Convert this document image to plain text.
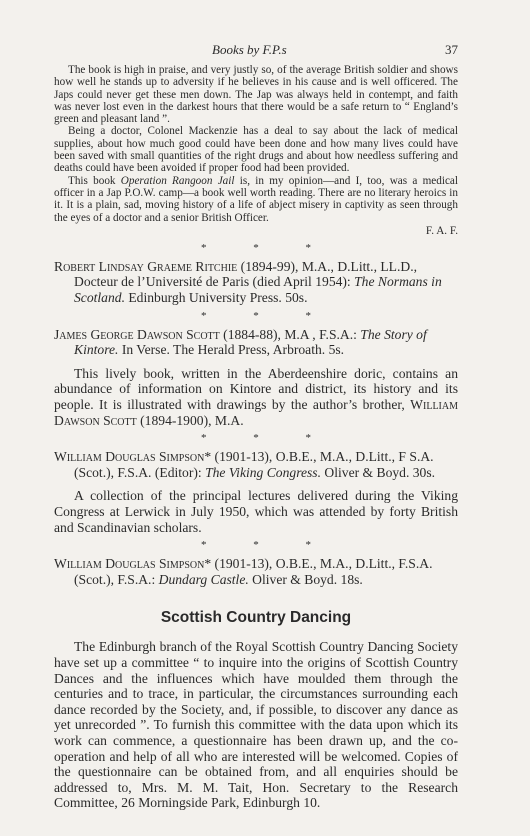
Books by F.P.s	37

The book is high in praise, and very justly so, of the average British soldier and shows how well he stands up to adversity if he believes in his cause and is well officered. The Japs could never get these men down. The Jap was always held in contempt, and faith was never lost even in the darkest hours that there would be a safe return to “ England’s green and pleasant land ”.

Being a doctor, Colonel Mackenzie has a deal to say about the lack of medical supplies, about how much good could have been done and how many lives could have been saved with small quantities of the right drugs and about how needless suffering and deaths could have been avoided if proper food had been provided.

This book Operation Rangoon Jail is, in my opinion—and I, too, was a medical officer in a Jap P.O.W. camp—a book well worth reading. There are no literary heroics in it. It is a plain, sad, moving history of a life of abject misery in captivity as seen through the eyes of a doctor and a senior British Officer.

F. A. F.
* * *

Robert Lindsay Graeme Ritchie (1894-99), M.A., D.Litt., LL.D., Docteur de l’Université de Paris (died April 1954): The Normans in Scotland. Edinburgh University Press. 50s.

* * *

James George Dawson Scott (1884-88), M.A , F.S.A.: The Story of Kintore. In Verse. The Herald Press, Arbroath. 5s.

This lively book, written in the Aberdeenshire doric, contains an abundance of information on Kintore and district, its history and its people. It is illustrated with drawings by the author’s brother, William Dawson Scott (1894-1900), M.A.

* * *

William Douglas Simpson* (1901-13), O.B.E., M.A., D.Litt., F S.A.(Scot.), F.S.A. (Editor): The Viking Congress. Oliver & Boyd. 30s.

A collection of the principal lectures delivered during the Viking Congress at Lerwick in July 1950, which was attended by forty British and Scandinavian scholars.

* * *

William Douglas Simpson* (1901-13), O.B.E., M.A., D.Litt., F.S.A.(Scot.), F.S.A.: Dundarg Castle. Oliver & Boyd. 18s.

Scottish Country Dancing

The Edinburgh branch of the Royal Scottish Country Dancing Society have set up a committee “ to inquire into the origins of Scottish Country Dances and the influences which have moulded them through the centuries and to trace, in particular, the circumstances surrounding each dance recorded by the Society, and, if possible, to discover any dance as yet unrecorded ”. To furnish this committee with the data upon which its work can commence, a questionnaire has been drawn up, and the co-operation and help of all who are interested will be welcomed. Copies of the questionnaire can be obtained from, and all enquiries should be addressed to, Mrs. M. M. Tait, Hon. Secretary to the Research Committee, 26 Morningside Park, Edinburgh 10.
